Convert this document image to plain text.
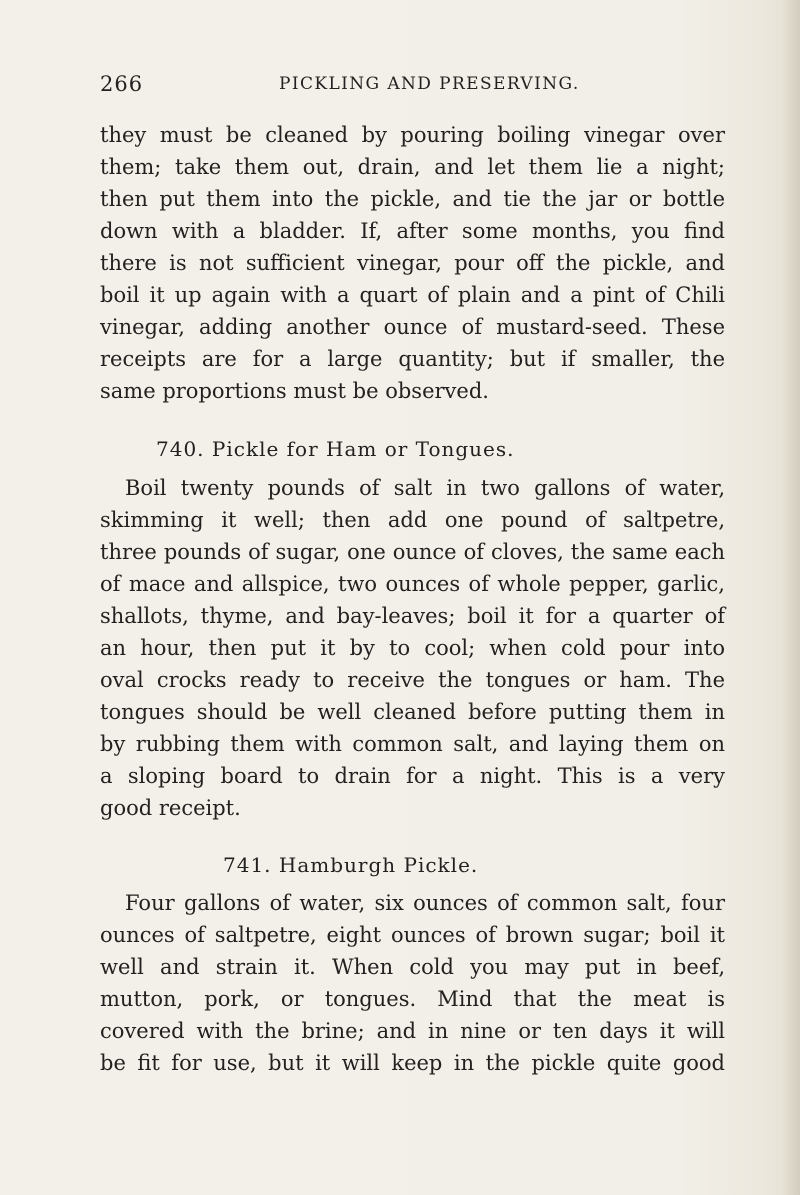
266	PICKLING AND PRESERVING.
they must be cleaned by pouring boiling vinegar over
them; take them out, drain, and let them lie a night;
then put them into the pickle, and tie the jar or bottle
down with a bladder. If, after some months, you find
there is not sufficient vinegar, pour off the pickle, and
boil it up again with a quart of plain and a pint of Chili
vinegar, adding another ounce of mustard-seed. These
receipts are for a large quantity; but if smaller, the
same proportions must be observed.
740. Pickle for Ham or Tongues.
Boil twenty pounds of salt in two gallons of water,
skimming it well; then add one pound of saltpetre,
three pounds of sugar, one ounce of cloves, the same each
of mace and allspice, two ounces of whole pepper, garlic,
shallots, thyme, and bay-leaves; boil it for a quarter of
an hour, then put it by to cool; when cold pour into
oval crocks ready to receive the tongues or ham. The
tongues should be well cleaned before putting them in
by rubbing them with common salt, and laying them on
a sloping board to drain for a night. This is a very
good receipt.
741. Hamburgh Pickle.
Four gallons of water, six ounces of common salt, four
ounces of saltpetre, eight ounces of brown sugar; boil it
well and strain it. When cold you may put in beef,
mutton, pork, or tongues. Mind that the meat is
covered with the brine; and in nine or ten days it will
be fit for use, but it will keep in the pickle quite good
